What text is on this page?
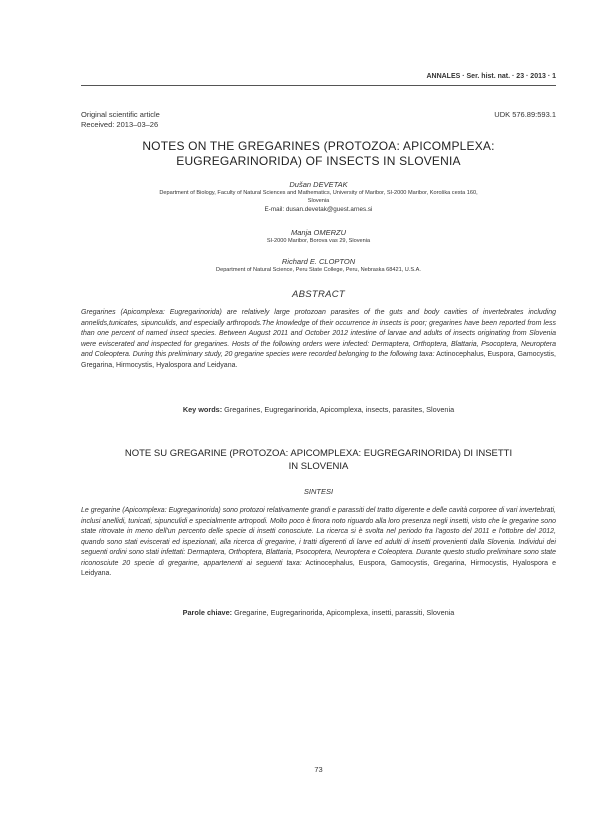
ANNALES · Ser. hist. nat. · 23 · 2013 · 1
Original scientific article
Received: 2013–03–26
UDK 576.89:593.1
NOTES ON THE GREGARINES (PROTOZOA: APICOMPLEXA:
EUGREGARINORIDA) OF INSECTS IN SLOVENIA
Dušan DEVETAK
Department of Biology, Faculty of Natural Sciences and Mathematics, University of Maribor, SI-2000 Maribor, Koroška cesta 160,
Slovenia
E-mail: dusan.devetak@guest.arnes.si
Manja OMERZU
SI-2000 Maribor, Borova vas 29, Slovenia
Richard E. CLOPTON
Department of Natural Science, Peru State College, Peru, Nebraska 68421, U.S.A.
ABSTRACT
Gregarines (Apicomplexa: Eugregarinorida) are relatively large protozoan parasites of the guts and body cavities of invertebrates including annelids,tunicates, sipunculids, and especially arthropods.The knowledge of their occurrence in insects is poor; gregarines have been reported from less than one percent of named insect species. Between August 2011 and October 2012 intestine of larvae and adults of insects originating from Slovenia were eviscerated and inspected for gregarines. Hosts of the following orders were infected: Dermaptera, Orthoptera, Blattaria, Psocoptera, Neuroptera and Coleoptera. During this preliminary study, 20 gregarine species were recorded belonging to the following taxa: Actinocephalus, Euspora, Gamocystis, Gregarina, Hirmocystis, Hyalospora and Leidyana.
Key words: Gregarines, Eugregarinorida, Apicomplexa, insects, parasites, Slovenia
NOTE SU GREGARINE (PROTOZOA: APICOMPLEXA: EUGREGARINORIDA) DI INSETTI
IN SLOVENIA
SINTESI
Le gregarine (Apicomplexa: Eugregarinorida) sono protozoi relativamente grandi e parassiti del tratto digerente e delle cavità corporee di vari invertebrati, inclusi anellidi, tunicati, sipunculidi e specialmente artropodi. Molto poco è finora noto riguardo alla loro presenza negli insetti, visto che le gregarine sono state ritrovate in meno dell'un percento delle specie di insetti conosciute. La ricerca si è svolta nel periodo fra l'agosto del 2011 e l'ottobre del 2012, quando sono stati eviscerati ed ispezionati, alla ricerca di gregarine, i tratti digerenti di larve ed adulti di insetti provenienti dalla Slovenia. Individui dei seguenti ordini sono stati infettati: Dermaptera, Orthoptera, Blattaria, Psocoptera, Neuroptera e Coleoptera. Durante questo studio preliminare sono state riconosciute 20 specie di gregarine, appartenenti ai seguenti taxa: Actinocephalus, Euspora, Gamocystis, Gregarina, Hirmocystis, Hyalospora e Leidyana.
Parole chiave: Gregarine, Eugregarinorida, Apicomplexa, insetti, parassiti, Slovenia
73
